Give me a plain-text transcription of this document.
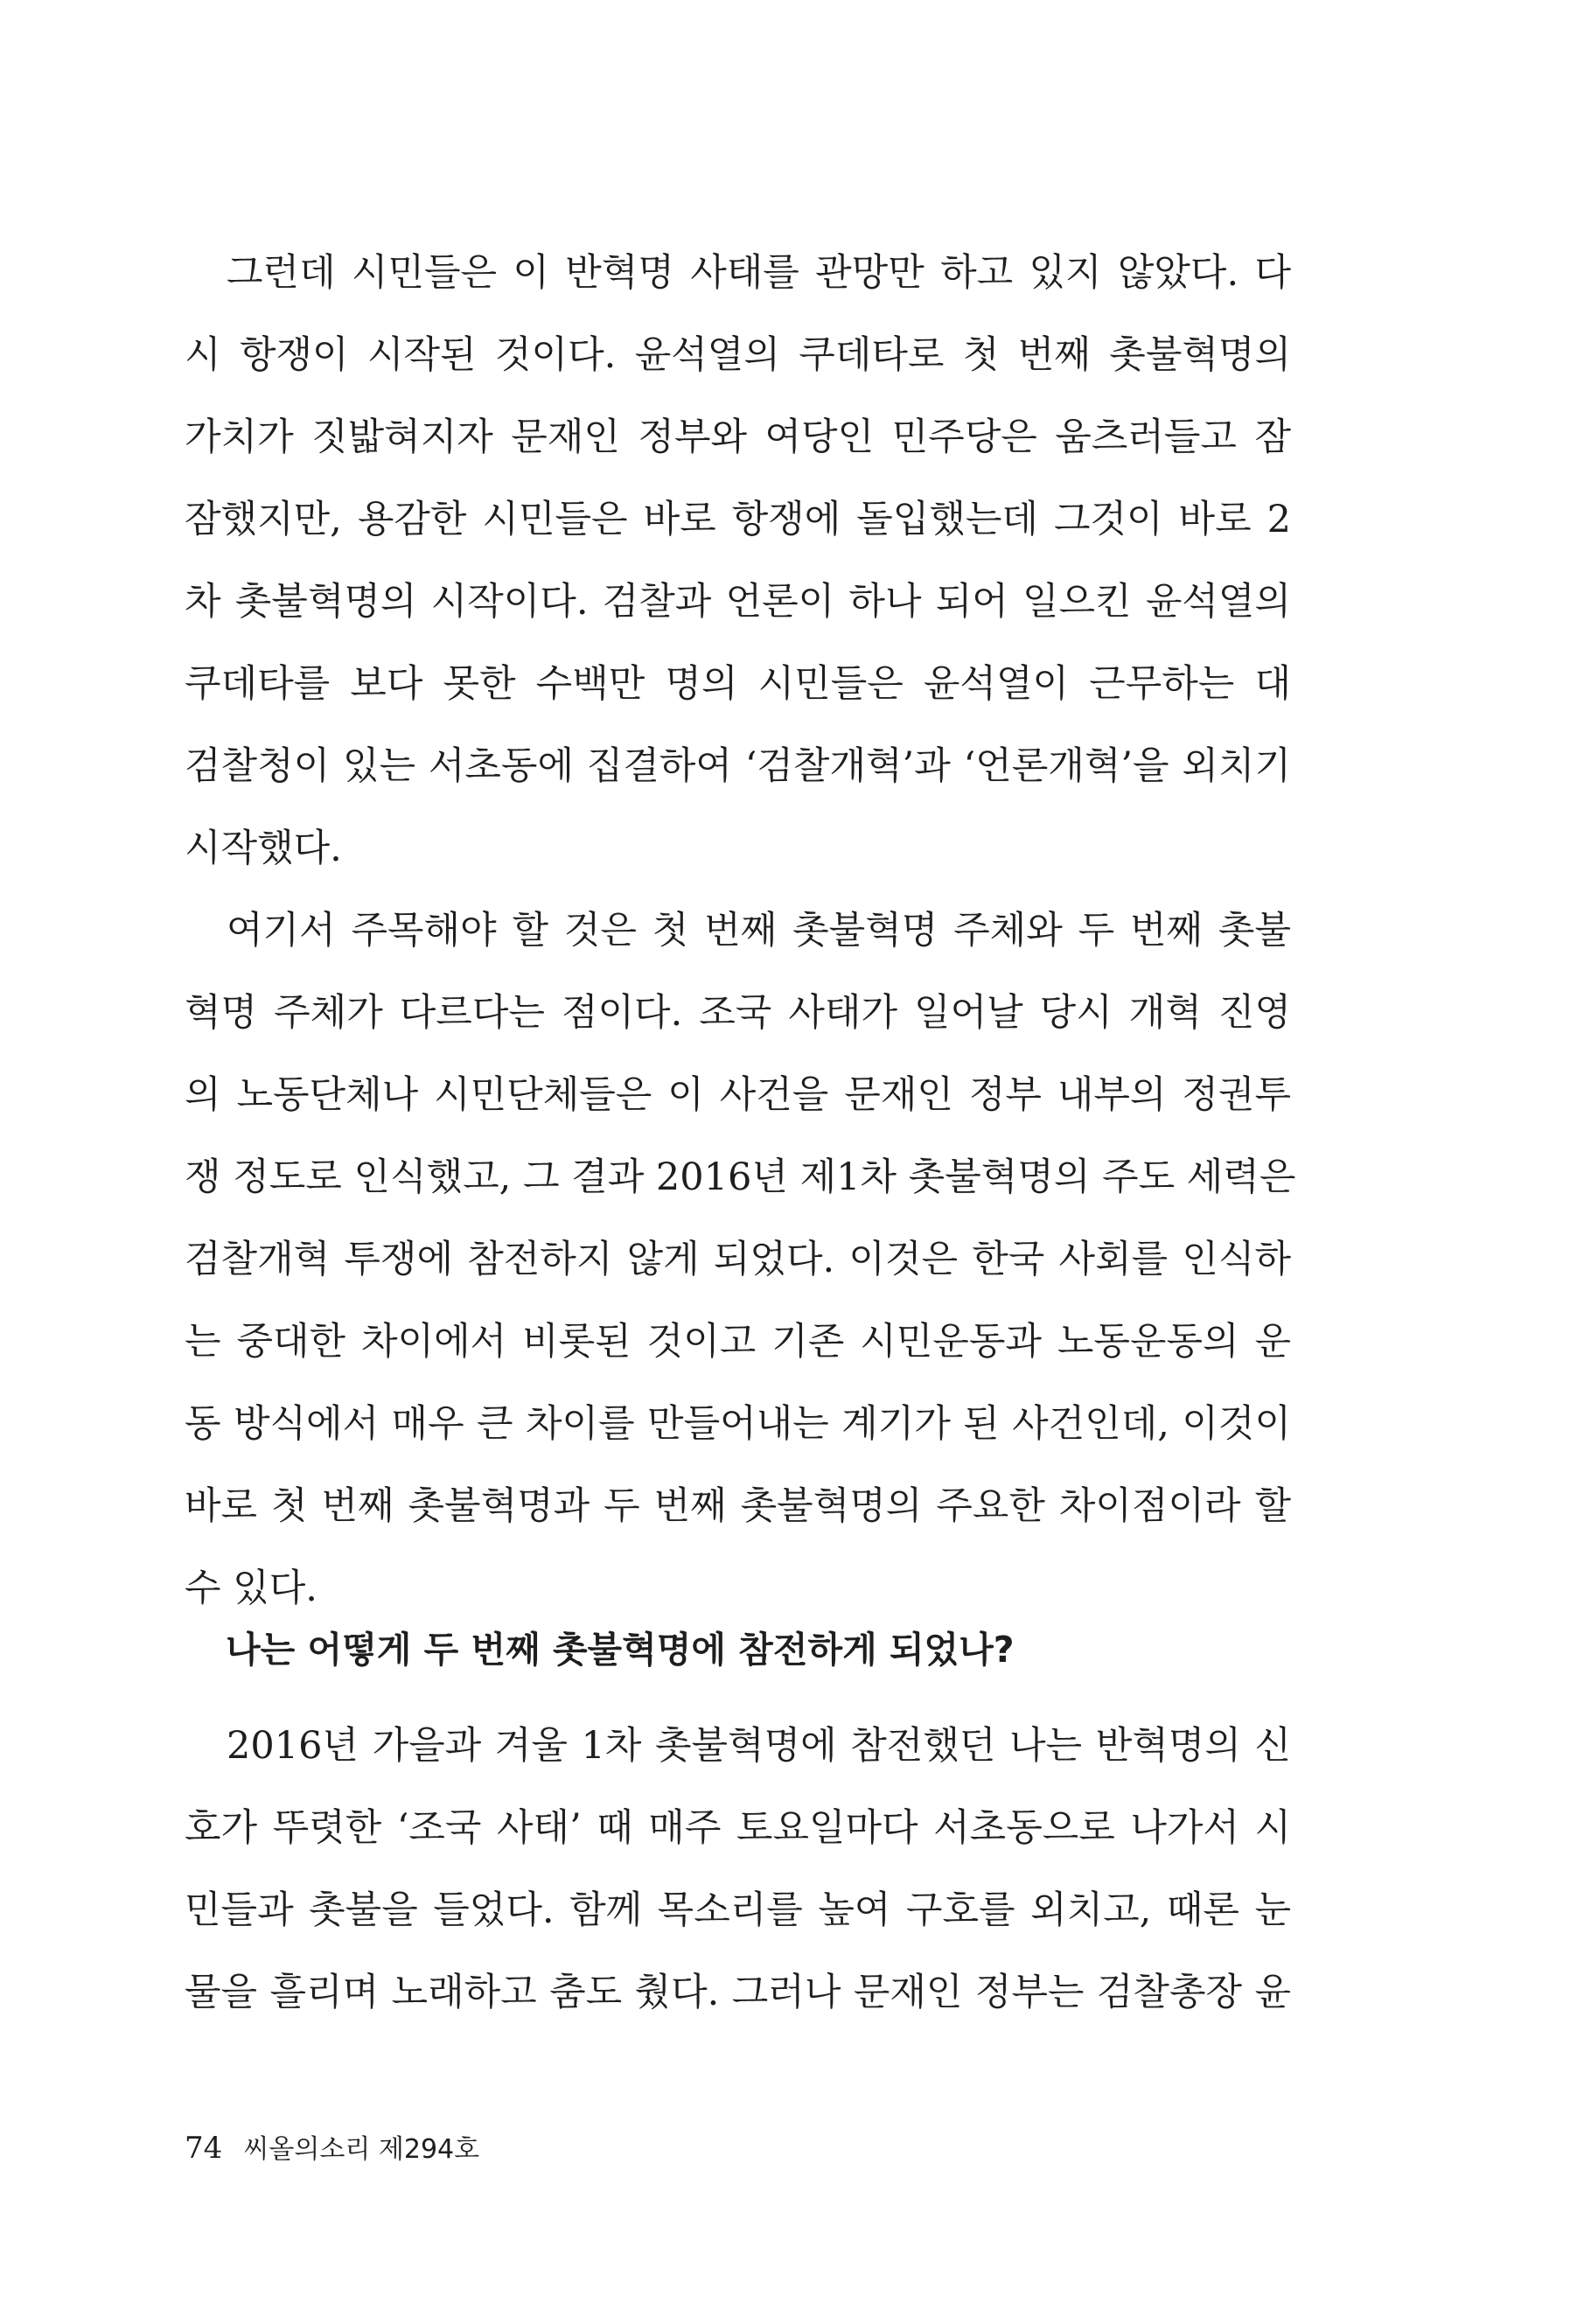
그런데 시민들은 이 반혁명 사태를 관망만 하고 있지 않았다. 다
시 항쟁이 시작된 것이다. 윤석열의 쿠데타로 첫 번째 촛불혁명의
가치가 짓밟혀지자 문재인 정부와 여당인 민주당은 움츠러들고 잠
잠했지만, 용감한 시민들은 바로 항쟁에 돌입했는데 그것이 바로 2
차 촛불혁명의 시작이다. 검찰과 언론이 하나 되어 일으킨 윤석열의
쿠데타를 보다 못한 수백만 명의 시민들은 윤석열이 근무하는 대
검찰청이 있는 서초동에 집결하여 ‘검찰개혁’과 ‘언론개혁’을 외치기
시작했다.
여기서 주목해야 할 것은 첫 번째 촛불혁명 주체와 두 번째 촛불
혁명 주체가 다르다는 점이다. 조국 사태가 일어날 당시 개혁 진영
의 노동단체나 시민단체들은 이 사건을 문재인 정부 내부의 정권투
쟁 정도로 인식했고, 그 결과 2016년 제1차 촛불혁명의 주도 세력은
검찰개혁 투쟁에 참전하지 않게 되었다. 이것은 한국 사회를 인식하
는 중대한 차이에서 비롯된 것이고 기존 시민운동과 노동운동의 운
동 방식에서 매우 큰 차이를 만들어내는 계기가 된 사건인데, 이것이
바로 첫 번째 촛불혁명과 두 번째 촛불혁명의 주요한 차이점이라 할
수 있다.
나는 어떻게 두 번째 촛불혁명에 참전하게 되었나?
2016년 가을과 겨울 1차 촛불혁명에 참전했던 나는 반혁명의 신
호가 뚜렷한 ‘조국 사태’ 때 매주 토요일마다 서초동으로 나가서 시
민들과 촛불을 들었다. 함께 목소리를 높여 구호를 외치고, 때론 눈
물을 흘리며 노래하고 춤도 췄다. 그러나 문재인 정부는 검찰총장 윤
74 씨올의소리 제294호
